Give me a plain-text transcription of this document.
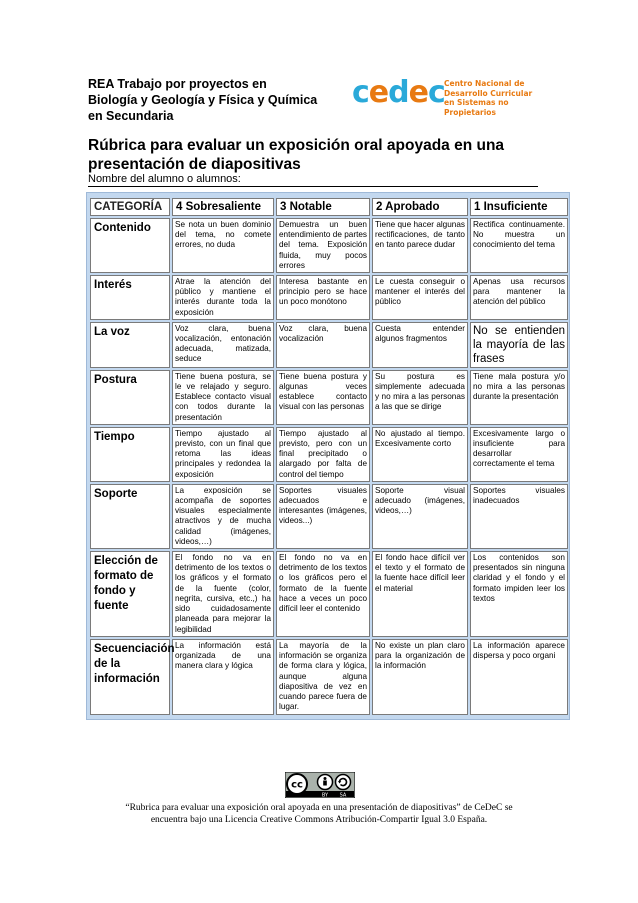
REA Trabajo por proyectos en
Biología y Geología y Física y Química
en Secundaria
cedec Centro Nacional de
Desarrollo Curricular
en Sistemas no Propietarios
Rúbrica para evaluar un exposición oral apoyada en una
presentación de diapositivas
Nombre del alumno o alumnos:
CATEGORÍA	4 Sobresaliente	3 Notable	2 Aprobado	1 Insuficiente
Contenido	Se nota un buen dominio del tema, no comete errores, no duda	Demuestra un buen entendimiento de partes del tema. Exposición fluida, muy pocos errores	Tiene que hacer algunas rectificaciones, de tanto en tanto parece dudar	Rectifica continuamente. No muestra un conocimiento del tema
Interés	Atrae la atención del público y mantiene el interés durante toda la exposición	Interesa bastante en principio pero se hace un poco monótono	Le cuesta conseguir o mantener el interés del público	Apenas usa recursos para mantener la atención del público
La voz	Voz clara, buena vocalización, entonación adecuada, matizada, seduce	Voz clara, buena vocalización	Cuesta entender algunos fragmentos	No se entienden la mayoría de las frases
Postura	Tiene buena postura, se le ve relajado y seguro. Establece contacto visual con todos durante la presentación	Tiene buena postura y algunas veces establece contacto visual con las personas	Su postura es simplemente adecuada y no mira a las personas a las que se dirige	Tiene mala postura y/o no mira a las personas durante la presentación
Tiempo	Tiempo ajustado al previsto, con un final que retoma las ideas principales y redondea la exposición	Tiempo ajustado al previsto, pero con un final precipitado o alargado por falta de control del tiempo	No ajustado al tiempo. Excesivamente corto	Excesivamente largo o insuficiente para desarrollar correctamente el tema
Soporte	La exposición se acompaña de soportes visuales especialmente atractivos y de mucha calidad (imágenes, videos,…)	Soportes visuales adecuados e interesantes (imágenes, videos...)	Soporte visual adecuado (imágenes, videos,…)	Soportes visuales inadecuados
Elección de formato de fondo y fuente	El fondo no va en detrimento de los textos o los gráficos y el formato de la fuente (color, negrita, cursiva, etc.,) ha sido cuidadosamente planeada para mejorar la legibilidad	El fondo no va en detrimento de los textos o los gráficos pero el formato de la fuente hace a veces un poco difícil leer el contenido	El fondo hace difícil ver el texto y el formato de la fuente hace difícil leer el material	Los contenidos son presentados sin ninguna claridad y el fondo y el formato impiden leer los textos
Secuenciación de la información	La información está organizada de una manera clara y lógica	La mayoría de la información se organiza de forma clara y lógica, aunque alguna diapositiva de vez en cuando parece fuera de lugar.	No existe un plan claro para la organización de la información	La información aparece dispersa y poco organi
cc
BY SA
“Rubrica para evaluar una exposición oral apoyada en una presentación de diapositivas” de CeDeC se
encuentra bajo una Licencia Creative Commons Atribución-Compartir Igual 3.0 España.
